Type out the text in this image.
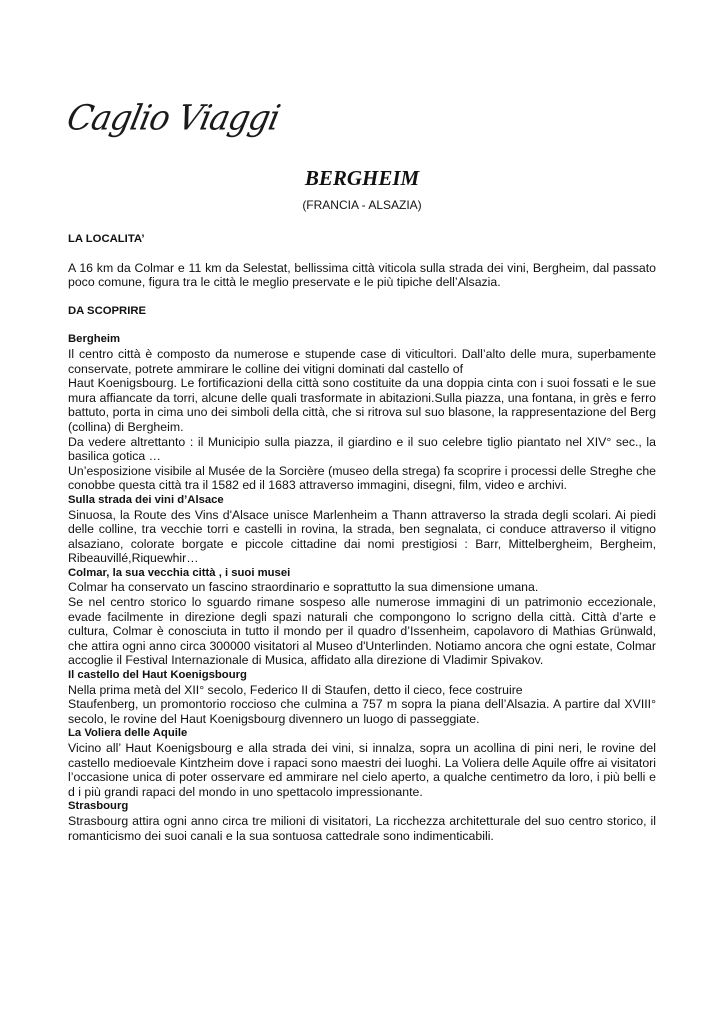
Caglio Viaggi
BERGHEIM
(FRANCIA - ALSAZIA)
LA LOCALITA’

A 16 km da Colmar e 11 km da Selestat, bellissima città viticola sulla strada dei vini, Bergheim, dal passato poco comune, figura tra le città le meglio preservate e le più tipiche dell’Alsazia.

DA SCOPRIRE
Bergheim

Il centro città è composto da numerose e stupende case di viticultori. Dall’alto delle mura, superbamente conservate, potrete ammirare le colline dei vitigni dominati dal castello of

Haut Koenigsbourg. Le fortificazioni della città sono costituite da una doppia cinta con i suoi fossati e le sue mura affiancate da torri, alcune delle quali trasformate in abitazioni.Sulla piazza, una fontana, in grès e ferro battuto, porta in cima uno dei simboli della città, che si ritrova sul suo blasone, la rappresentazione del Berg (collina) di Bergheim.

Da vedere altrettanto : il Municipio sulla piazza, il giardino e il suo celebre tiglio piantato nel XIV° sec., la basilica gotica …

Un’esposizione visibile al Musée de la Sorcière (museo della strega) fa scoprire i processi delle Streghe che conobbe questa città tra il 1582 ed il 1683 attraverso immagini, disegni, film, video e archivi.

Sulla strada dei vini d’Alsace

Sinuosa, la Route des Vins d'Alsace unisce Marlenheim a Thann attraverso la strada degli scolari. Ai piedi delle colline, tra vecchie torri e castelli in rovina, la strada, ben segnalata, ci conduce attraverso il vitigno alsaziano, colorate borgate e piccole cittadine dai nomi prestigiosi : Barr, Mittelbergheim, Bergheim, Ribeauvillé,Riquewhir…

Colmar, la sua vecchia città , i suoi musei

Colmar ha conservato un fascino straordinario e soprattutto la sua dimensione umana.

Se nel centro storico lo sguardo rimane sospeso alle numerose immagini di un patrimonio eccezionale, evade facilmente in direzione degli spazi naturali che compongono lo scrigno della città. Città d’arte e cultura, Colmar è conosciuta in tutto il mondo per il quadro d’Issenheim, capolavoro di Mathias Grünwald, che attira ogni anno circa 300000 visitatori al Museo d'Unterlinden. Notiamo ancora che ogni estate, Colmar accoglie il Festival Internazionale di Musica, affidato alla direzione di Vladimir Spivakov.

Il castello del Haut Koenigsbourg

Nella prima metà del XII° secolo, Federico II di Staufen, detto il cieco, fece costruire

Staufenberg, un promontorio roccioso che culmina a 757 m sopra la piana dell’Alsazia. A partire dal XVIII° secolo, le rovine del Haut Koenigsbourg divennero un luogo di passeggiate.

La Voliera delle Aquile

Vicino all’ Haut Koenigsbourg e alla strada dei vini, si innalza, sopra un acollina di pini neri, le rovine del castello medioevale Kintzheim dove i rapaci sono maestri dei luoghi. La Voliera delle Aquile offre ai visitatori l’occasione unica di poter osservare ed ammirare nel cielo aperto, a qualche centimetro da loro, i più belli e d i più grandi rapaci del mondo in uno spettacolo impressionante.

Strasbourg

Strasbourg attira ogni anno circa tre milioni di visitatori, La ricchezza architetturale del suo centro storico, il romanticismo dei suoi canali e la sua sontuosa cattedrale sono indimenticabili.
